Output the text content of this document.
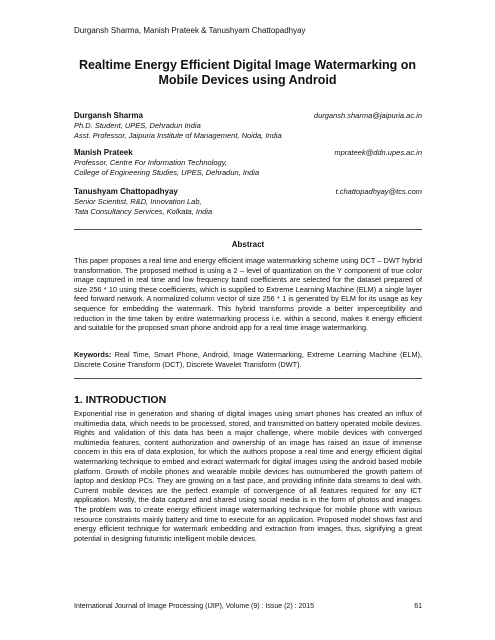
Durgansh Sharma, Manish Prateek & Tanushyam Chattopadhyay
Realtime Energy Efficient Digital Image Watermarking on Mobile Devices using Android
Durgansh Sharma	durgansh.sharma@jaipuria.ac.in
Ph.D. Student, UPES, Dehradun India
Asst. Professor, Jaipuria Institute of Management, Noida, India
Manish Prateek	mprateek@ddn.upes.ac.in
Professor, Centre For Information Technology,
College of Engineering Studies, UPES, Dehradun, India
Tanushyam Chattopadhyay	t.chattopadhyay@tcs.com
Senior Scientist, R&D, Innovation Lab,
Tata Consultancy Services, Kolkata, India
Abstract
This paper proposes a real time and energy efficient image watermarking scheme using DCT – DWT hybrid transformation. The proposed method is using a 2 – level of quantization on the Y component of true color image captured in real time and low frequency band coefficients are selected for the dataset prepared of size 256 * 10 using these coefficients, which is supplied to Extreme Learning Machine (ELM) a single layer feed forward network. A normalized column vector of size 256 * 1 is generated by ELM for its usage as key sequence for embedding the watermark. This hybrid transforms provide a better imperceptibility and reduction in the time taken by entire watermarking process i.e. within a second, makes it energy efficient and suitable for the proposed smart phone android app for a real time image watermarking.
Keywords: Real Time, Smart Phone, Android, Image Watermarking, Extreme Learning Machine (ELM), Discrete Cosine Transform (DCT), Discrete Wavelet Transform (DWT).
1. INTRODUCTION
Exponential rise in generation and sharing of digital images using smart phones has created an influx of multimedia data, which needs to be processed, stored, and transmitted on battery operated mobile devices. Rights and validation of this data has been a major challenge, where mobile devices with converged multimedia features, content authorization and ownership of an image has raised an issue of immense concern in this era of data explosion, for which the authors propose a real time and energy efficient digital watermarking technique to embed and extract watermark for digital images using the android based mobile platform. Growth of mobile phones and wearable mobile devices has outnumbered the growth pattern of laptop and desktop PCs. They are growing on a fast pace, and providing infinite data streams to deal with. Current mobile devices are the perfect example of convergence of all features required for any ICT application. Mostly, the data captured and shared using social media is in the form of photos and images. The problem was to create energy efficient image watermarking technique for mobile phone with various resource constraints mainly battery and time to execute for an application. Proposed model shows fast and energy efficient technique for watermark embedding and extraction from images, thus, signifying a great potential in designing futuristic intelligent mobile devices.
International Journal of Image Processing (IJIP), Volume (9) : Issue (2) : 2015	61
